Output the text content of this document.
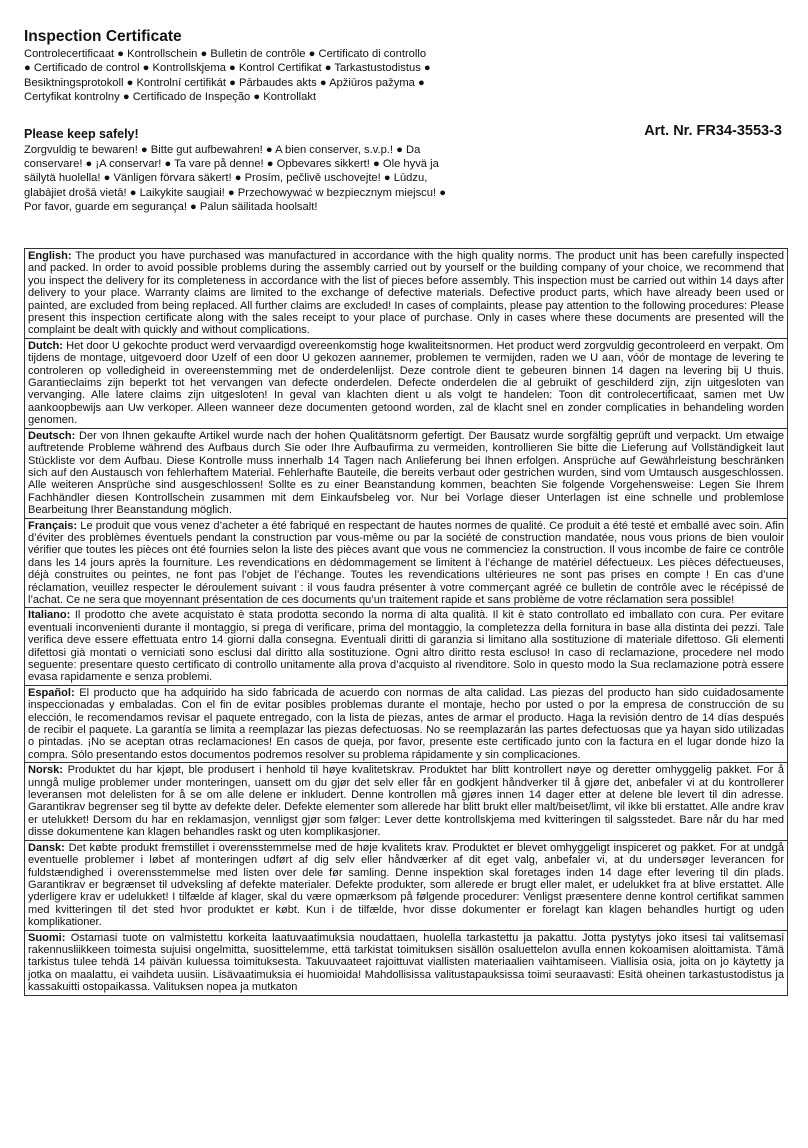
Inspection Certificate

Controlecertificaat ● Kontrollschein ● Bulletin de contrôle ● Certificato di controllo ● Certificado de control ● Kontrollskjema ● Kontrol Certifikat ● Tarkastustodistus ● Besiktningsprotokoll ● Kontrolní certifikát ● Pārbaudes akts ● Apžiūros pažyma ● Certyfikat kontrolny ● Certificado de Inspeção ● Kontrollakt

Please keep safely!

Zorgvuldig te bewaren! ● Bitte gut aufbewahren! ● A bien conserver, s.v.p.! ● Da conservare! ● ¡A conservar! ● Ta vare på denne! ● Opbevares sikkert! ● Ole hyvä ja säilytä huolella! ● Vänligen förvara säkert! ● Prosím, pečlivě uschovejte! ● Lūdzu, glabājiet drošā vietā! ● Laikykite saugiai! ● Przechowywać w bezpiecznym miejscu! ● Por favor, guarde em segurança! ● Palun säilitada hoolsalt!

Art. Nr. FR34-3553-3
English: The product you have purchased was manufactured in accordance with the high quality norms. The product unit has been carefully inspected and packed. In order to avoid possible problems during the assembly carried out by yourself or the building company of your choice, we recommend that you inspect the delivery for its completeness in accordance with the list of pieces before assembly. This inspection must be carried out within 14 days after delivery to your place. Warranty claims are limited to the exchange of defective materials. Defective product parts, which have already been used or painted, are excluded from being replaced. All further claims are excluded! In cases of complaints, please pay attention to the following procedures: Please present this inspection certificate along with the sales receipt to your place of purchase. Only in cases where these documents are presented will the complaint be dealt with quickly and without complications.
Dutch: Het door U gekochte product werd vervaardigd overeenkomstig hoge kwaliteitsnormen. Het product werd zorgvuldig gecontroleerd en verpakt. Om tijdens de montage, uitgevoerd door Uzelf of een door U gekozen aannemer, problemen te vermijden, raden we U aan, vóór de montage de levering te controleren op volledigheid in overeenstemming met de onderdelenlijst. Deze controle dient te gebeuren binnen 14 dagen na levering bij U thuis. Garantieclaims zijn beperkt tot het vervangen van defecte onderdelen. Defecte onderdelen die al gebruikt of geschilderd zijn, zijn uitgesloten van vervanging. Alle latere claims zijn uitgesloten! In geval van klachten dient u als volgt te handelen: Toon dit controlecertificaat, samen met Uw aankoopbewijs aan Uw verkoper. Alleen wanneer deze documenten getoond worden, zal de klacht snel en zonder complicaties in behandeling worden genomen.
Deutsch: Der von Ihnen gekaufte Artikel wurde nach der hohen Qualitätsnorm gefertigt. Der Bausatz wurde sorgfältig geprüft und verpackt. Um etwaige auftretende Probleme während des Aufbaus durch Sie oder Ihre Aufbaufirma zu vermeiden, kontrollieren Sie bitte die Lieferung auf Vollständigkeit laut Stückliste vor dem Aufbau. Diese Kontrolle muss innerhalb 14 Tagen nach Anlieferung bei Ihnen erfolgen. Ansprüche auf Gewährleistung beschränken sich auf den Austausch von fehlerhaftem Material. Fehlerhafte Bauteile, die bereits verbaut oder gestrichen wurden, sind vom Umtausch ausgeschlossen. Alle weiteren Ansprüche sind ausgeschlossen! Sollte es zu einer Beanstandung kommen, beachten Sie folgende Vorgehensweise: Legen Sie Ihrem Fachhändler diesen Kontrollschein zusammen mit dem Einkaufsbeleg vor. Nur bei Vorlage dieser Unterlagen ist eine schnelle und problemlose Bearbeitung Ihrer Beanstandung möglich.
Français: Le produit que vous venez d’acheter a été fabriqué en respectant de hautes normes de qualité. Ce produit a été testé et emballé avec soin. Afin d’éviter des problèmes éventuels pendant la construction par vous-même ou par la société de construction mandatée, nous vous prions de bien vouloir vérifier que toutes les pièces ont été fournies selon la liste des pièces avant que vous ne commenciez la construction. Il vous incombe de faire ce contrôle dans les 14 jours après la fourniture. Les revendications en dédommagement se limitent à l’échange de matériel défectueux. Les pièces défectueuses, déjà construites ou peintes, ne font pas l’objet de l’échange. Toutes les revendications ultérieures ne sont pas prises en compte ! En cas d’une réclamation, veuillez respecter le déroulement suivant : il vous faudra présenter à votre commerçant agréé ce bulletin de contrôle avec le récépissé de l’achat. Ce ne sera que moyennant présentation de ces documents qu’un traitement rapide et sans problème de votre réclamation sera possible!
Italiano: Il prodotto che avete acquistato è stata prodotta secondo la norma di alta qualità. Il kit è stato controllato ed imballato con cura. Per evitare eventuali inconvenienti durante il montaggio, si prega di verificare, prima del montaggio, la completezza della fornitura in base alla distinta dei pezzi. Tale verifica deve essere effettuata entro 14 giorni dalla consegna. Eventuali diritti di garanzia si limitano alla sostituzione di materiale difettoso. Gli elementi difettosi già montati o verniciati sono esclusi dal diritto alla sostituzione. Ogni altro diritto resta escluso! In caso di reclamazione, procedere nel modo seguente: presentare questo certificato di controllo unitamente alla prova d’acquisto al rivenditore. Solo in questo modo la Sua reclamazione potrà essere evasa rapidamente e senza problemi.
Español: El producto que ha adquirido ha sido fabricada de acuerdo con normas de alta calidad. Las piezas del producto han sido cuidadosamente inspeccionadas y embaladas. Con el fin de evitar posibles problemas durante el montaje, hecho por usted o por la empresa de construcción de su elección, le recomendamos revisar el paquete entregado, con la lista de piezas, antes de armar el producto. Haga la revisión dentro de 14 días después de recibir el paquete. La garantía se limita a reemplazar las piezas defectuosas. No se reemplazarán las partes defectuosas que ya hayan sido utilizadas o pintadas. ¡No se aceptan otras reclamaciones! En casos de queja, por favor, presente este certificado junto con la factura en el lugar donde hizo la compra. Sólo presentando estos documentos podremos resolver su problema rápidamente y sin complicaciones.
Norsk: Produktet du har kjøpt, ble produsert i henhold til høye kvalitetskrav. Produktet har blitt kontrollert nøye og deretter omhyggelig pakket. For å unngå mulige problemer under monteringen, uansett om du gjør det selv eller får en godkjent håndverker til å gjøre det, anbefaler vi at du kontrollerer leveransen mot delelisten for å se om alle delene er inkludert. Denne kontrollen må gjøres innen 14 dager etter at delene ble levert til din adresse. Garantikrav begrenser seg til bytte av defekte deler. Defekte elementer som allerede har blitt brukt eller malt/beiset/limt, vil ikke bli erstattet. Alle andre krav er utelukket! Dersom du har en reklamasjon, vennligst gjør som følger: Lever dette kontrollskjema med kvitteringen til salgsstedet. Bare når du har med disse dokumentene kan klagen behandles raskt og uten komplikasjoner.
Dansk: Det købte produkt fremstillet i overensstemmelse med de høje kvalitets krav. Produktet er blevet omhyggeligt inspiceret og pakket. For at undgå eventuelle problemer i løbet af monteringen udført af dig selv eller håndværker af dit eget valg, anbefaler vi, at du undersøger leverancen for fuldstændighed i overensstemmelse med listen over dele før samling. Denne inspektion skal foretages inden 14 dage efter levering til din plads. Garantikrav er begrænset til udveksling af defekte materialer. Defekte produkter, som allerede er brugt eller malet, er udelukket fra at blive erstattet. Alle yderligere krav er udelukket! I tilfælde af klager, skal du være opmærksom på følgende procedurer: Venligst præsentere denne kontrol certifikat sammen med kvitteringen til det sted hvor produktet er købt. Kun i de tilfælde, hvor disse dokumenter er forelagt kan klagen behandles hurtigt og uden komplikationer.
Suomi: Ostamasi tuote on valmistettu korkeita laatuvaatimuksia noudattaen, huolella tarkastettu ja pakattu. Jotta pystytys joko itsesi tai valitsemasi rakennusliikkeen toimesta sujuisi ongelmitta, suosittelemme, että tarkistat toimituksen sisällön osaluettelon avulla ennen kokoamisen aloittamista. Tämä tarkistus tulee tehdä 14 päivän kuluessa toimituksesta. Takuuvaateet rajoittuvat viallisten materiaalien vaihtamiseen. Viallisia osia, joita on jo käytetty ja jotka on maalattu, ei vaihdeta uusiin. Lisävaatimuksia ei huomioida! Mahdollisissa valitustapauksissa toimi seuraavasti: Esitä oheinen tarkastustodistus ja kassakuitti ostopaikassa. Valituksen nopea ja mutkaton
